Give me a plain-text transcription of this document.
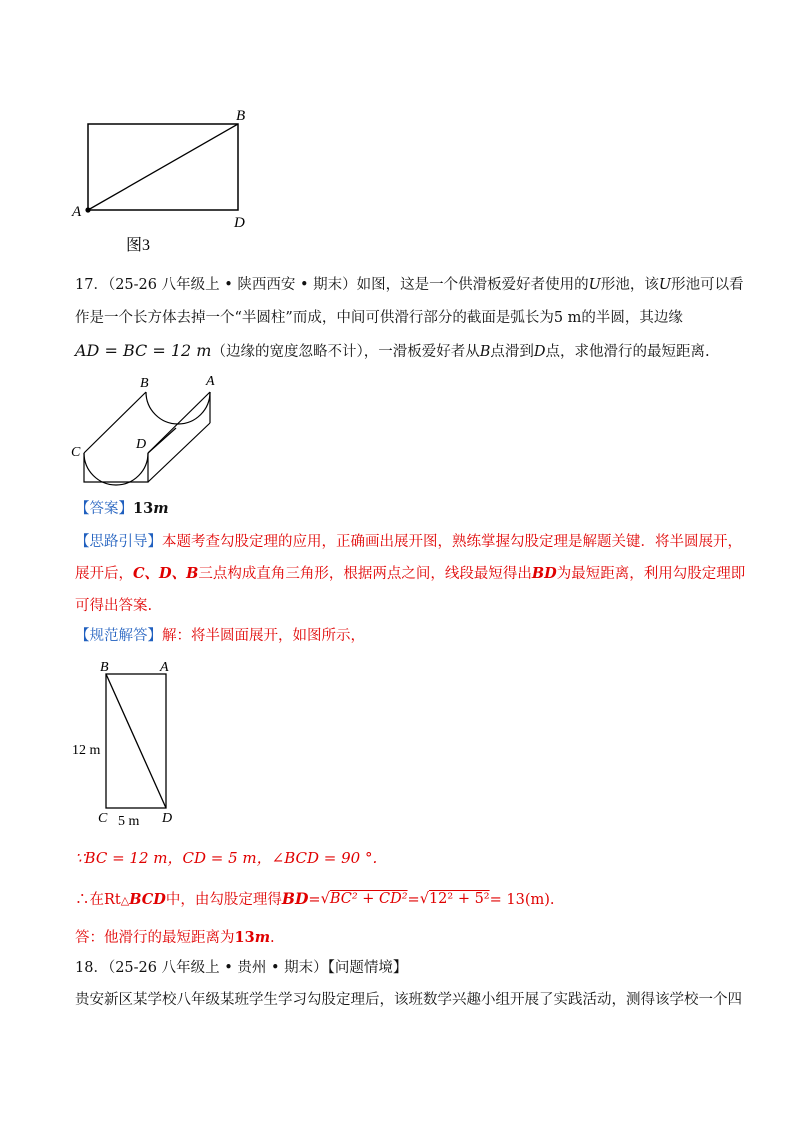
A
B
D
图3
17．（25-26 八年级上 • 陕西西安 • 期末）如图，这是一个供滑板爱好者使用的U形池，该U形池可以看
作是一个长方体去掉一个“半圆柱”而成，中间可供滑行部分的截面是弧长为5 m的半圆，其边缘
AD = BC = 12 m（边缘的宽度忽略不计），一滑板爱好者从B点滑到D点，求他滑行的最短距离.
B	A
C
D
【答案】13m
【思路引导】本题考查勾股定理的应用，正确画出展开图，熟练掌握勾股定理是解题关键．将半圆展开，
展开后，C、D、B三点构成直角三角形，根据两点之间，线段最短得出BD为最短距离，利用勾股定理即
可得出答案.
【规范解答】解：将半圆面展开，如图所示，
B	A
C	D
12 m
5 m
∵BC = 12 m，CD = 5 m，∠BCD = 90 °.
∴在Rt△BCD中，由勾股定理得BD=√BC² + CD²=√12² + 5²= 13(m).
答：他滑行的最短距离为13m.
18．（25-26 八年级上 • 贵州 • 期末）【问题情境】
贵安新区某学校八年级某班学生学习勾股定理后，该班数学兴趣小组开展了实践活动，测得该学校一个四
